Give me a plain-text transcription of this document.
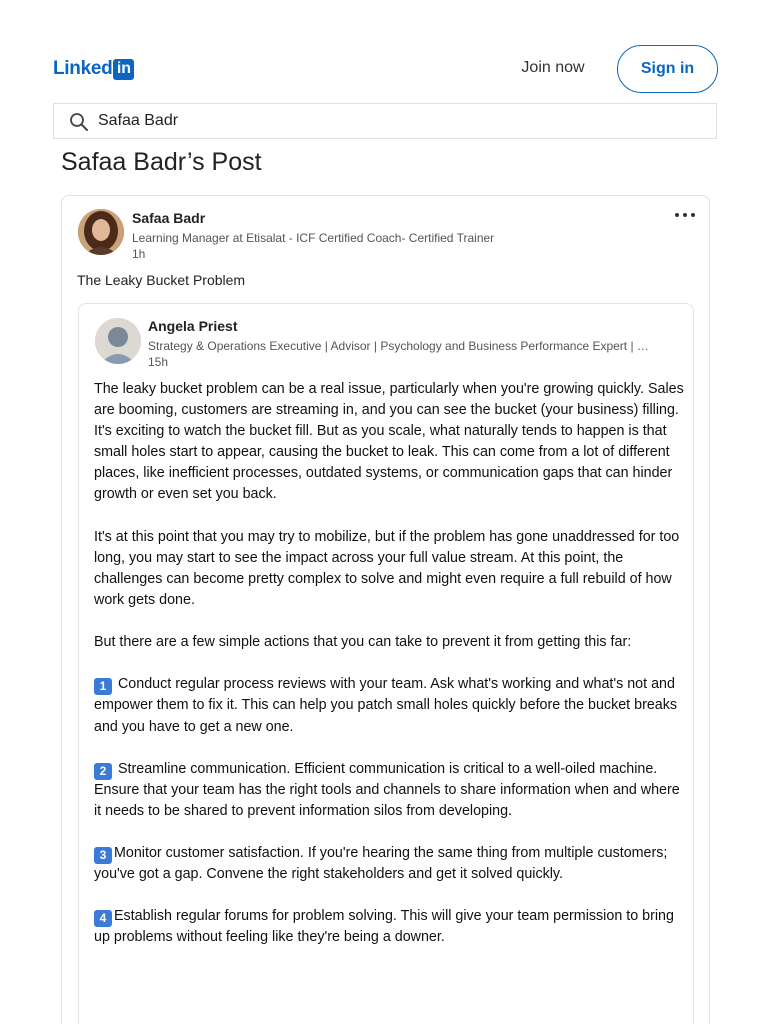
Linked in	Join now	Sign in
Safaa Badr
Safaa Badr’s Post
Safaa Badr
Learning Manager at Etisalat - ICF Certified Coach- Certified Trainer
1h
The Leaky Bucket Problem
Angela Priest
Strategy & Operations Executive | Advisor | Psychology and Business Performance Expert | …
15h

The leaky bucket problem can be a real issue, particularly when you're growing quickly. Sales are booming, customers are streaming in, and you can see the bucket (your business) filling. It's exciting to watch the bucket fill. But as you scale, what naturally tends to happen is that small holes start to appear, causing the bucket to leak. This can come from a lot of different places, like inefficient processes, outdated systems, or communication gaps that can hinder growth or even set you back.

It's at this point that you may try to mobilize, but if the problem has gone unaddressed for too long, you may start to see the impact across your full value stream. At this point, the challenges can become pretty complex to solve and might even require a full rebuild of how work gets done.

But there are a few simple actions that you can take to prevent it from getting this far:

1 Conduct regular process reviews with your team. Ask what's working and what's not and empower them to fix it. This can help you patch small holes quickly before the bucket breaks and you have to get a new one.

2 Streamline communication. Efficient communication is critical to a well-oiled machine. Ensure that your team has the right tools and channels to share information when and where it needs to be shared to prevent information silos from developing.

3 Monitor customer satisfaction. If you're hearing the same thing from multiple customers; you've got a gap. Convene the right stakeholders and get it solved quickly.

4 Establish regular forums for problem solving. This will give your team permission to bring up problems without feeling like they're being a downer.
